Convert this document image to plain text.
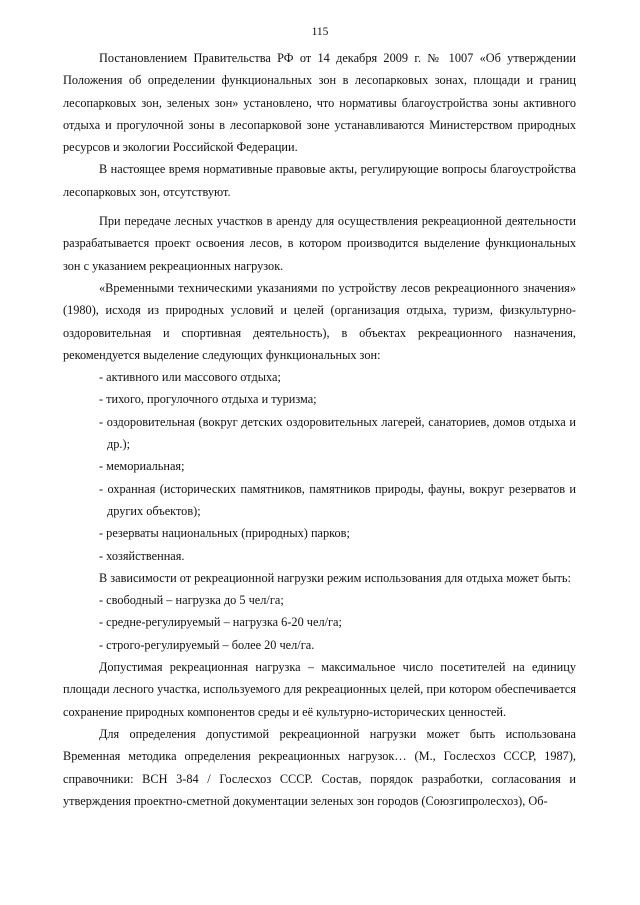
115

Постановлением Правительства РФ от 14 декабря 2009 г. № 1007 «Об утверждении Положения об определении функциональных зон в лесопарковых зонах, площади и границ лесопарковых зон, зеленых зон» установлено, что нормативы благоустройства зоны активного отдыха и прогулочной зоны в лесопарковой зоне устанавливаются Министерством природных ресурсов и экологии Российской Федерации.

В настоящее время нормативные правовые акты, регулирующие вопросы благоустройства лесопарковых зон, отсутствуют.

При передаче лесных участков в аренду для осуществления рекреационной деятельности разрабатывается проект освоения лесов, в котором производится выделение функциональных зон с указанием рекреационных нагрузок.

«Временными техническими указаниями по устройству лесов рекреационного значения» (1980), исходя из природных условий и целей (организация отдыха, туризм, физкультурно-оздоровительная и спортивная деятельность), в объектах рекреационного назначения, рекомендуется выделение следующих функциональных зон:

- активного или массового отдыха;
- тихого, прогулочного отдыха и туризма;
- оздоровительная (вокруг детских оздоровительных лагерей, санаториев, домов отдыха и др.);
- мемориальная;
- охранная (исторических памятников, памятников природы, фауны, вокруг резерватов и других объектов);
- резерваты национальных (природных) парков;
- хозяйственная.

В зависимости от рекреационной нагрузки режим использования для отдыха может быть:

- свободный – нагрузка до 5 чел/га;
- средне-регулируемый – нагрузка 6-20 чел/га;
- строго-регулируемый – более 20 чел/га.

Допустимая рекреационная нагрузка – максимальное число посетителей на единицу площади лесного участка, используемого для рекреационных целей, при котором обеспечивается сохранение природных компонентов среды и её культурно-исторических ценностей.

Для определения допустимой рекреационной нагрузки может быть использована Временная методика определения рекреационных нагрузок… (М., Гослесхоз СССР, 1987), справочники: ВСН 3-84 / Гослесхоз СССР. Состав, порядок разработки, согласования и утверждения проектно-сметной документации зеленых зон городов (Союзгипролесхоз), Об-
